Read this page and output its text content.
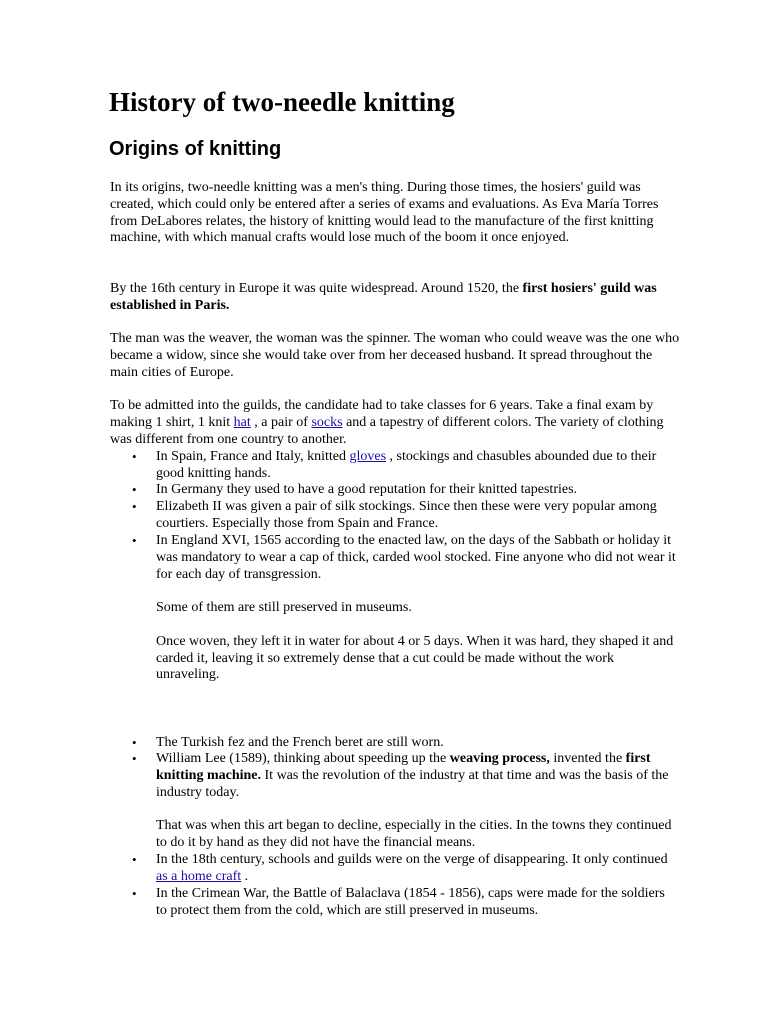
History of two-needle knitting
Origins of knitting

In its origins, two-needle knitting was a men's thing. During those times, the hosiers' guild was created, which could only be entered after a series of exams and evaluations. As Eva María Torres from DeLabores relates, the history of knitting would lead to the manufacture of the first knitting machine, with which manual crafts would lose much of the boom it once enjoyed.

By the 16th century in Europe it was quite widespread. Around 1520, the first hosiers' guild was established in Paris.

The man was the weaver, the woman was the spinner. The woman who could weave was the one who became a widow, since she would take over from her deceased husband. It spread throughout the main cities of Europe.

To be admitted into the guilds, the candidate had to take classes for 6 years. Take a final exam by making 1 shirt, 1 knit hat , a pair of socks and a tapestry of different colors. The variety of clothing was different from one country to another.

• In Spain, France and Italy, knitted gloves , stockings and chasubles abounded due to their good knitting hands.
• In Germany they used to have a good reputation for their knitted tapestries.
• Elizabeth II was given a pair of silk stockings. Since then these were very popular among courtiers. Especially those from Spain and France.
• In England XVI, 1565 according to the enacted law, on the days of the Sabbath or holiday it was mandatory to wear a cap of thick, carded wool stocked. Fine anyone who did not wear it for each day of transgression.
Some of them are still preserved in museums.
Once woven, they left it in water for about 4 or 5 days. When it was hard, they shaped it and carded it, leaving it so extremely dense that a cut could be made without the work unraveling.
• The Turkish fez and the French beret are still worn.
• William Lee (1589), thinking about speeding up the weaving process, invented the first knitting machine. It was the revolution of the industry at that time and was the basis of the industry today.
That was when this art began to decline, especially in the cities. In the towns they continued to do it by hand as they did not have the financial means.
• In the 18th century, schools and guilds were on the verge of disappearing. It only continued as a home craft .
• In the Crimean War, the Battle of Balaclava (1854 - 1856), caps were made for the soldiers to protect them from the cold, which are still preserved in museums.
